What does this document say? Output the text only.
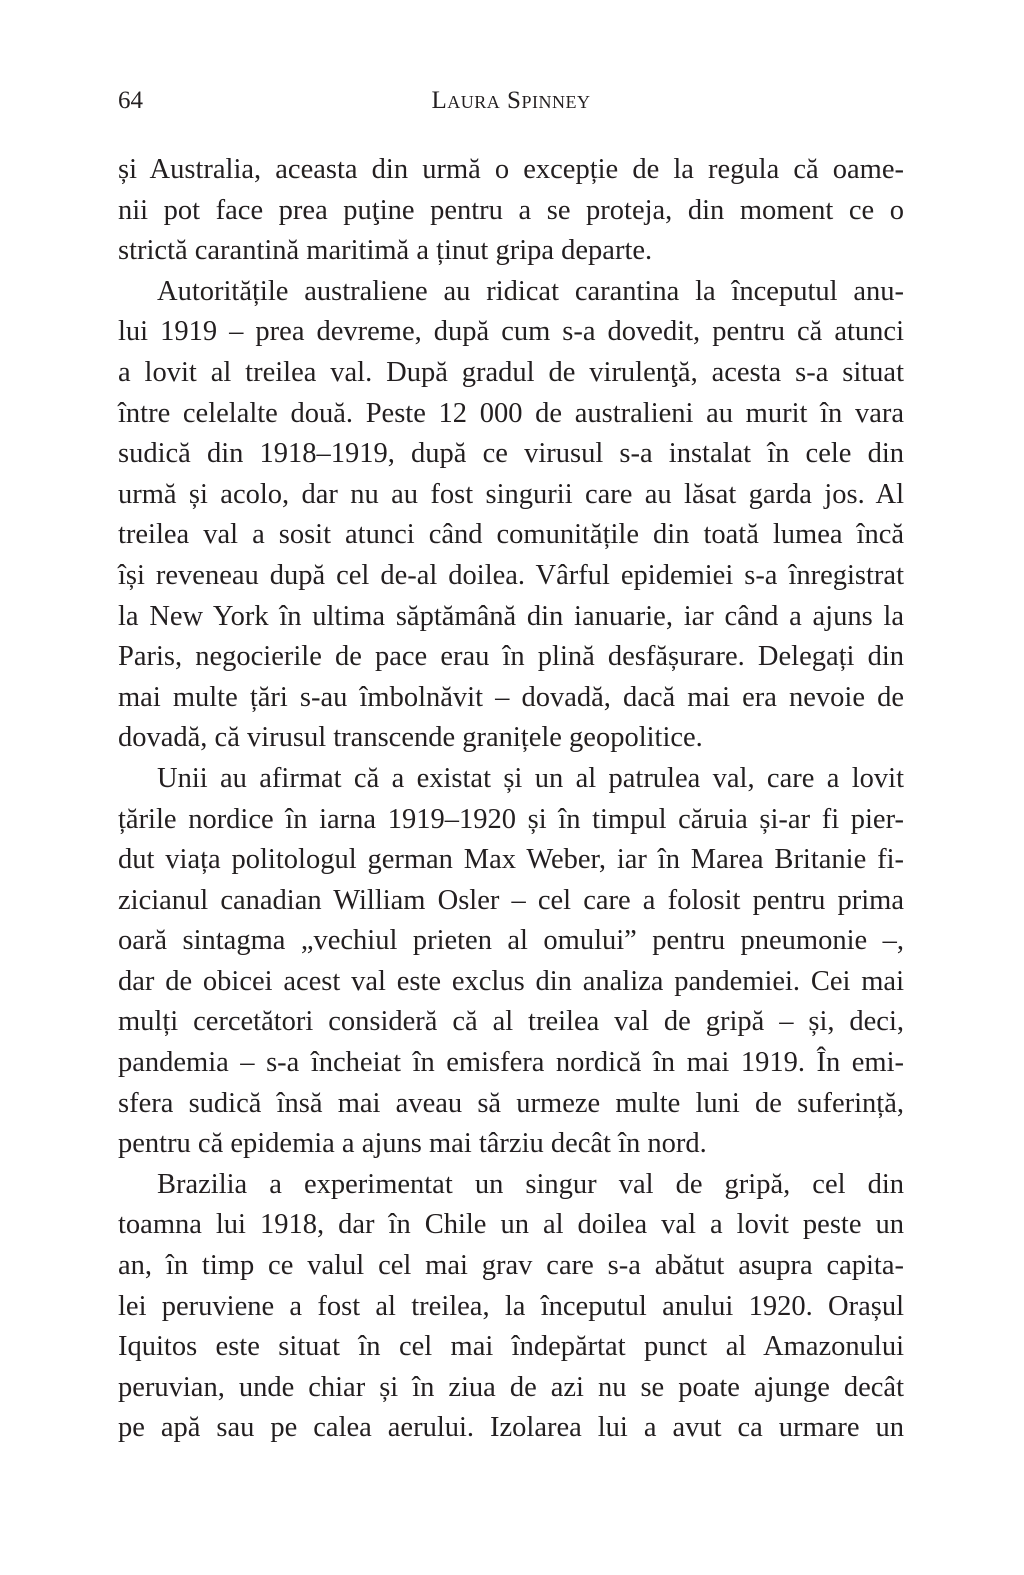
64	Laura Spinney
și Australia, aceasta din urmă o excepție de la regula că oame-
nii pot face prea puţine pentru a se proteja, din moment ce o
strictă carantină maritimă a ținut gripa departe.
Autoritățile australiene au ridicat carantina la începutul anu-
lui 1919 – prea devreme, după cum s-a dovedit, pentru că atunci
a lovit al treilea val. După gradul de virulenţă, acesta s-a situat
între celelalte două. Peste 12 000 de australieni au murit în vara
sudică din 1918–1919, după ce virusul s-a instalat în cele din
urmă și acolo, dar nu au fost singurii care au lăsat garda jos. Al
treilea val a sosit atunci când comunitățile din toată lumea încă
își reveneau după cel de-al doilea. Vârful epidemiei s-a înregistrat
la New York în ultima săptămână din ianuarie, iar când a ajuns la
Paris, negocierile de pace erau în plină desfășurare. Delegați din
mai multe țări s-au îmbolnăvit – dovadă, dacă mai era nevoie de
dovadă, că virusul transcende granițele geopolitice.
Unii au afirmat că a existat și un al patrulea val, care a lovit
țările nordice în iarna 1919–1920 și în timpul căruia și-ar fi pier-
dut viața politologul german Max Weber, iar în Marea Britanie fi-
zicianul canadian William Osler – cel care a folosit pentru prima
oară sintagma „vechiul prieten al omului” pentru pneumonie –,
dar de obicei acest val este exclus din analiza pandemiei. Cei mai
mulți cercetători consideră că al treilea val de gripă – și, deci,
pandemia – s-a încheiat în emisfera nordică în mai 1919. În emi-
sfera sudică însă mai aveau să urmeze multe luni de suferință,
pentru că epidemia a ajuns mai târziu decât în nord.
Brazilia a experimentat un singur val de gripă, cel din
toamna lui 1918, dar în Chile un al doilea val a lovit peste un
an, în timp ce valul cel mai grav care s-a abătut asupra capita-
lei peruviene a fost al treilea, la începutul anului 1920. Orașul
Iquitos este situat în cel mai îndepărtat punct al Amazonului
peruvian, unde chiar și în ziua de azi nu se poate ajunge decât
pe apă sau pe calea aerului. Izolarea lui a avut ca urmare un
